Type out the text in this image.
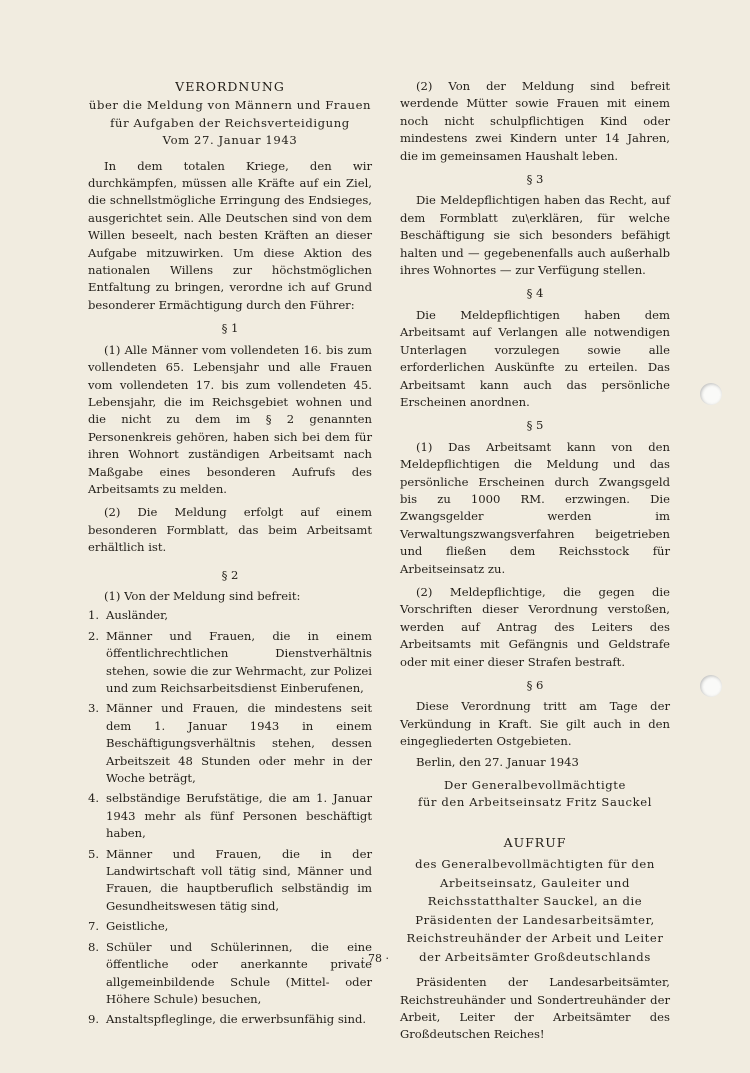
VERORDNUNG
über die Meldung von Männern und Frauen
für Aufgaben der Reichsverteidigung
Vom 27. Januar 1943

In dem totalen Kriege, den wir durchkämpfen, müssen alle Kräfte auf ein Ziel, die schnellstmögliche Erringung des Endsieges, ausgerichtet sein. Alle Deutschen sind von dem Willen beseelt, nach besten Kräften an dieser Aufgabe mitzuwirken. Um diese Aktion des nationalen Willens zur höchstmöglichen Entfaltung zu bringen, verordne ich auf Grund besonderer Ermächtigung durch den Führer:

§ 1

(1) Alle Männer vom vollendeten 16. bis zum vollendeten 65. Lebensjahr und alle Frauen vom vollendeten 17. bis zum vollendeten 45. Lebensjahr, die im Reichsgebiet wohnen und die nicht zu dem im § 2 genannten Personenkreis gehören, haben sich bei dem für ihren Wohnort zuständigen Arbeitsamt nach Maßgabe eines besonderen Aufrufs des Arbeitsamts zu melden.

(2) Die Meldung erfolgt auf einem besonderen Formblatt, das beim Arbeitsamt erhältlich ist.

§ 2

(1) Von der Meldung sind befreit:

1. Ausländer,
2. Männer und Frauen, die in einem öffentlichrechtlichen Dienstverhältnis stehen, sowie die zur Wehrmacht, zur Polizei und zum Reichsarbeitsdienst Einberufenen,
3. Männer und Frauen, die mindestens seit dem 1. Januar 1943 in einem Beschäftigungsverhältnis stehen, dessen Arbeitszeit 48 Stunden oder mehr in der Woche beträgt,
4. selbständige Berufstätige, die am 1. Januar 1943 mehr als fünf Personen beschäftigt haben,
5. Männer und Frauen, die in der Landwirtschaft voll tätig sind, Männer und Frauen, die hauptberuflich selbständig im Gesundheitswesen tätig sind,
7. Geistliche,
8. Schüler und Schülerinnen, die eine öffentliche oder anerkannte private allgemeinbildende Schule (Mittel- oder Höhere Schule) besuchen,
9. Anstaltspfleglinge, die erwerbsunfähig sind.

(2) Von der Meldung sind befreit werdende Mütter sowie Frauen mit einem noch nicht schulpflichtigen Kind oder mindestens zwei Kindern unter 14 Jahren, die im gemeinsamen Haushalt leben.

§ 3

Die Meldepflichtigen haben das Recht, auf dem Formblatt zu\erklären, für welche Beschäftigung sie sich besonders befähigt halten und — gegebenenfalls auch außerhalb ihres Wohnortes — zur Verfügung stellen.

§ 4

Die Meldepflichtigen haben dem Arbeitsamt auf Verlangen alle notwendigen Unterlagen vorzulegen sowie alle erforderlichen Auskünfte zu erteilen. Das Arbeitsamt kann auch das persönliche Erscheinen anordnen.

§ 5

(1) Das Arbeitsamt kann von den Meldepflichtigen die Meldung und das persönliche Erscheinen durch Zwangsgeld bis zu 1000 RM. erzwingen. Die Zwangsgelder werden im Verwaltungszwangsverfahren beigetrieben und fließen dem Reichsstock für Arbeitseinsatz zu.

(2) Meldepflichtige, die gegen die Vorschriften dieser Verordnung verstoßen, werden auf Antrag des Leiters des Arbeitsamts mit Gefängnis und Geldstrafe oder mit einer dieser Strafen bestraft.

§ 6

Diese Verordnung tritt am Tage der Verkündung in Kraft. Sie gilt auch in den eingegliederten Ostgebieten.

Berlin, den 27. Januar 1943

Der Generalbevollmächtigte
für den Arbeitseinsatz Fritz Sauckel
AUFRUF
des Generalbevollmächtigten für den Arbeitseinsatz, Gauleiter und Reichsstatthalter Sauckel, an die Präsidenten der Landesarbeitsämter, Reichstreuhänder der Arbeit und Leiter der Arbeitsämter Großdeutschlands

Präsidenten der Landesarbeitsämter, Reichstreuhänder und Sondertreuhänder der Arbeit, Leiter der Arbeitsämter des Großdeutschen Reiches!

· 78 ·
